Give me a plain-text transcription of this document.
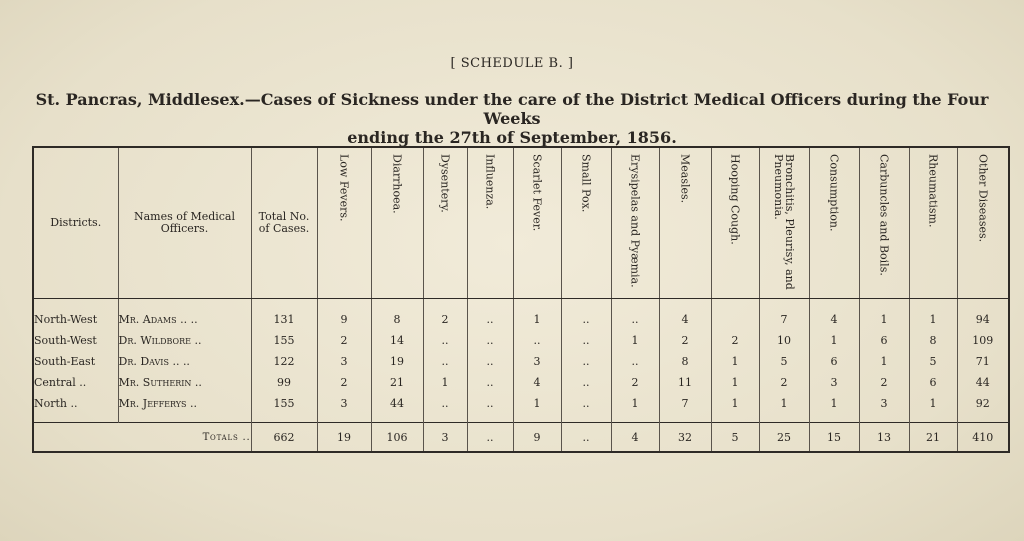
[ SCHEDULE B. ]
St. Pancras, Middlesex.—Cases of Sickness under the care of the District Medical Officers during the Four Weeks
ending the 27th of September, 1856.
Districts.	Names of Medical Officers.	Total No. of Cases.	Low Fevers.	Diarrhoea.	Dysentery.	Influenza.	Scarlet Fever.	Small Pox.	Erysipelas and Pyæmia.	Measles.	Hooping Cough.	Bronchitis, Pleurisy, and Pneumonia.	Consumption.	Carbuncles and Boils.	Rheumatism.	Other Diseases.

North-West	Mr. Adams .. ..	131	9	8	2	..	1	..	..	4		7	4	1	1	94
South-West	Dr. Wildbore ..	155	2	14	..	..	..	..	1	2	2	10	1	6	8	109
South-East	Dr. Davis .. ..	122	3	19	..	..	3	..	..	8	1	5	6	1	5	71
Central ..	Mr. Sutherin ..	99	2	21	1	..	4	..	2	11	1	2	3	2	6	44
North ..	Mr. Jefferys ..	155	3	44	..	..	1	..	1	7	1	1	1	3	1	92
Totals ..		662	19	106	3	..	9	..	4	32	5	25	15	13	21	410
